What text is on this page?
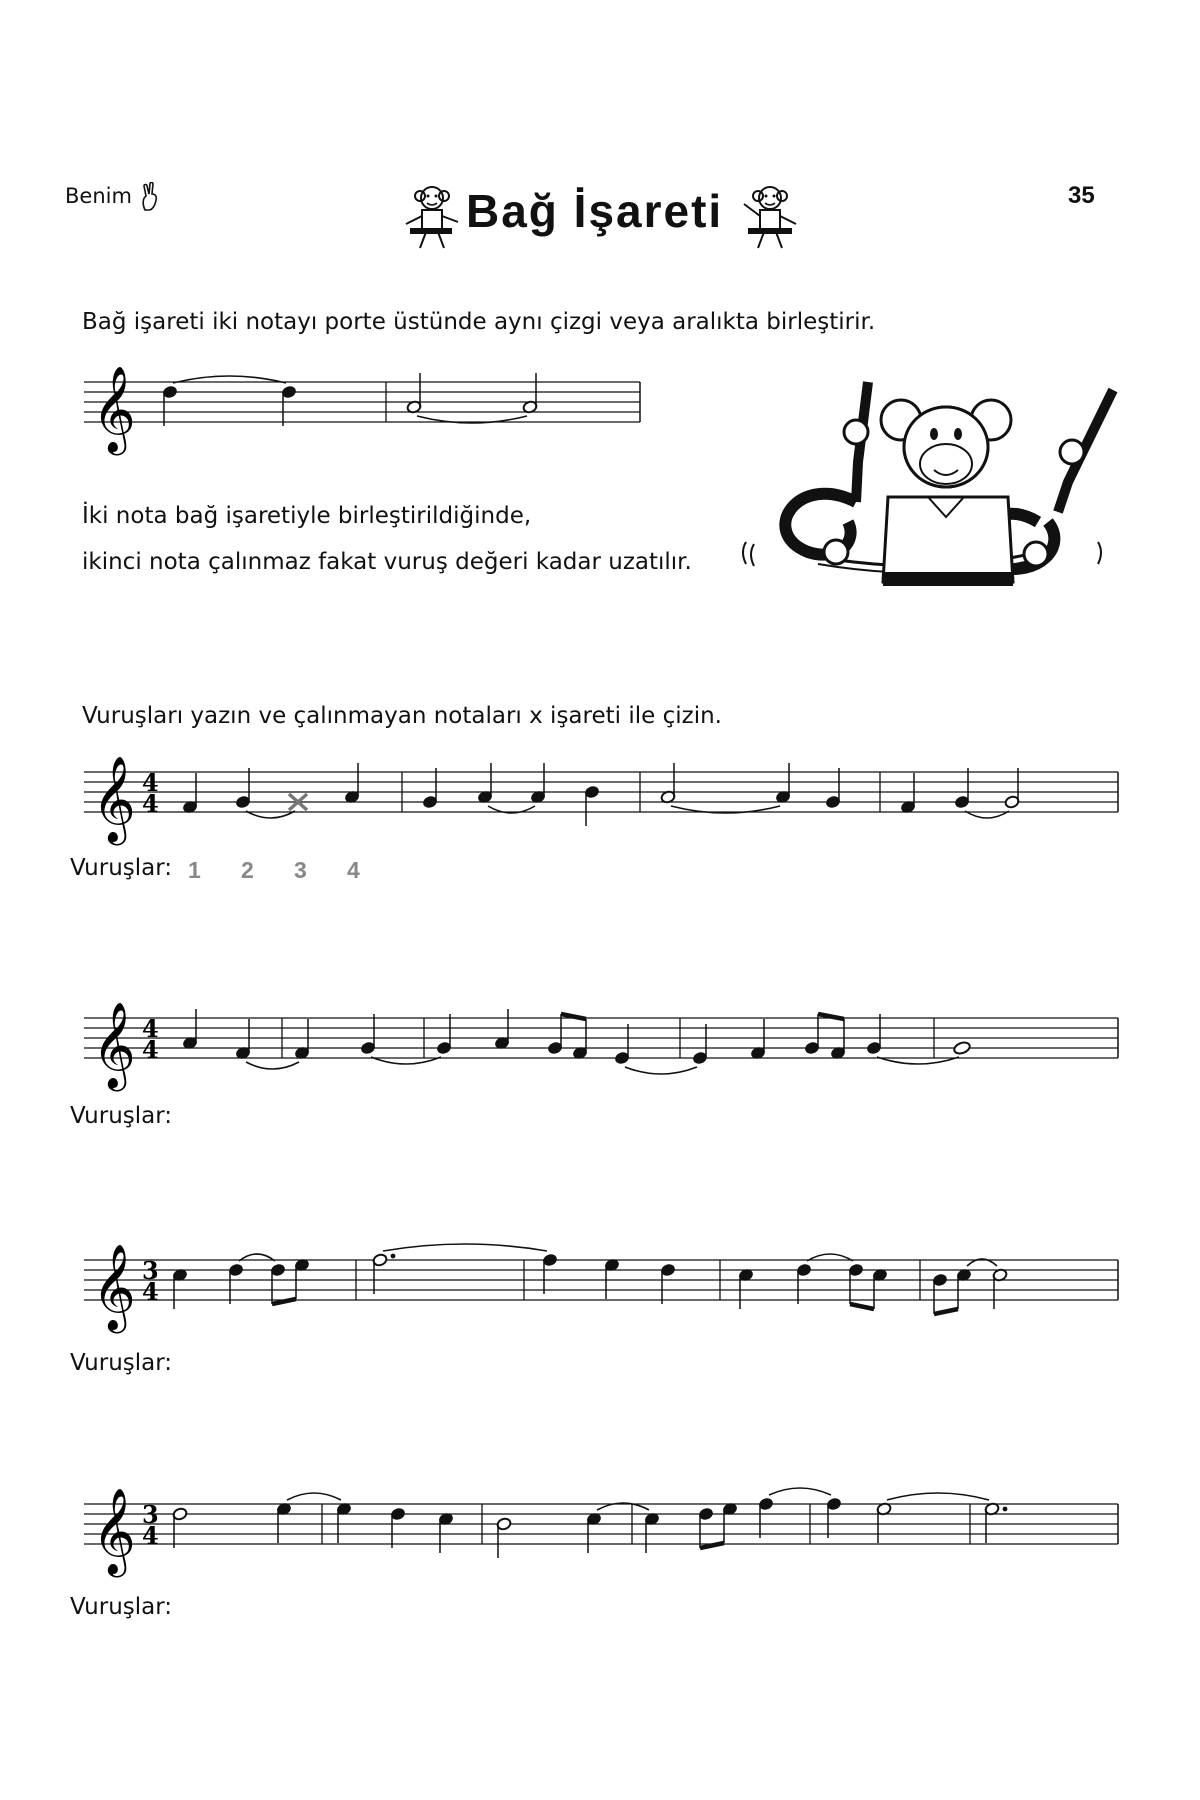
Benim	Bağ İşareti	35
Bağ işareti iki notayı porte üstünde aynı çizgi veya aralıkta birleştirir.
𝄞
İki nota bağ işaretiyle birleştirildiğinde,
ikinci nota çalınmaz fakat vuruş değeri kadar uzatılır.
Vuruşları yazın ve çalınmayan notaları x işareti ile çizin.
𝄞 4
4
Vuruşlar: 1 2 3 4
𝄞 4
4
Vuruşlar:
𝄞 3
4
Vuruşlar:
𝄞 3
4
Vuruşlar:
